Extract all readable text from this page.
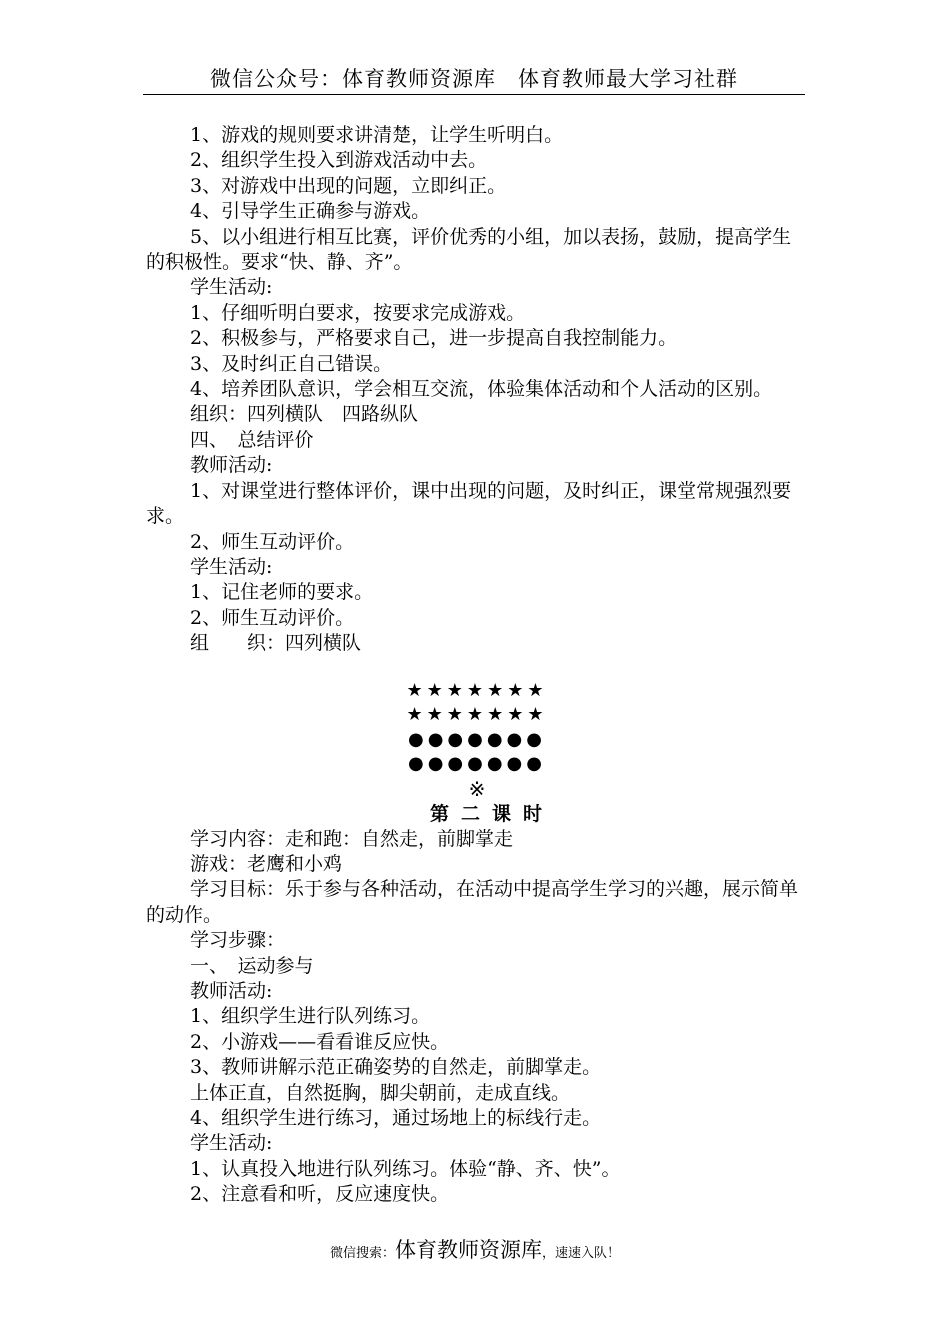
微信公众号：体育教师资源库　体育教师最大学习社群
1、游戏的规则要求讲清楚，让学生听明白。
2、组织学生投入到游戏活动中去。
3、对游戏中出现的问题，立即纠正。
4、引导学生正确参与游戏。
5、以小组进行相互比赛，评价优秀的小组，加以表扬，鼓励，提高学生的积极性。要求“快、静、齐”。
学生活动:
1、仔细听明白要求，按要求完成游戏。
2、积极参与，严格要求自己，进一步提高自我控制能力。
3、及时纠正自己错误。
4、培养团队意识，学会相互交流，体验集体活动和个人活动的区别。
组织：四列横队　四路纵队
四、　总结评价
教师活动:
1、对课堂进行整体评价，课中出现的问题，及时纠正，课堂常规强烈要求。
2、师生互动评价。
学生活动:
1、记住老师的要求。
2、师生互动评价。
组　　织：四列横队
★★★★★★★
★★★★★★★
●●●●●●●
●●●●●●●
※
第二课时
学习内容：走和跑：自然走，前脚掌走
游戏：老鹰和小鸡
学习目标：乐于参与各种活动，在活动中提高学生学习的兴趣，展示简单的动作。
学习步骤：
一、　运动参与
教师活动:
1、组织学生进行队列练习。
2、小游戏——看看谁反应快。
3、教师讲解示范正确姿势的自然走，前脚掌走。
上体正直，自然挺胸，脚尖朝前，走成直线。
4、组织学生进行练习，通过场地上的标线行走。
学生活动:
1、认真投入地进行队列练习。体验“静、齐、快”。
2、注意看和听，反应速度快。
微信搜索：体育教师资源库，速速入队！
